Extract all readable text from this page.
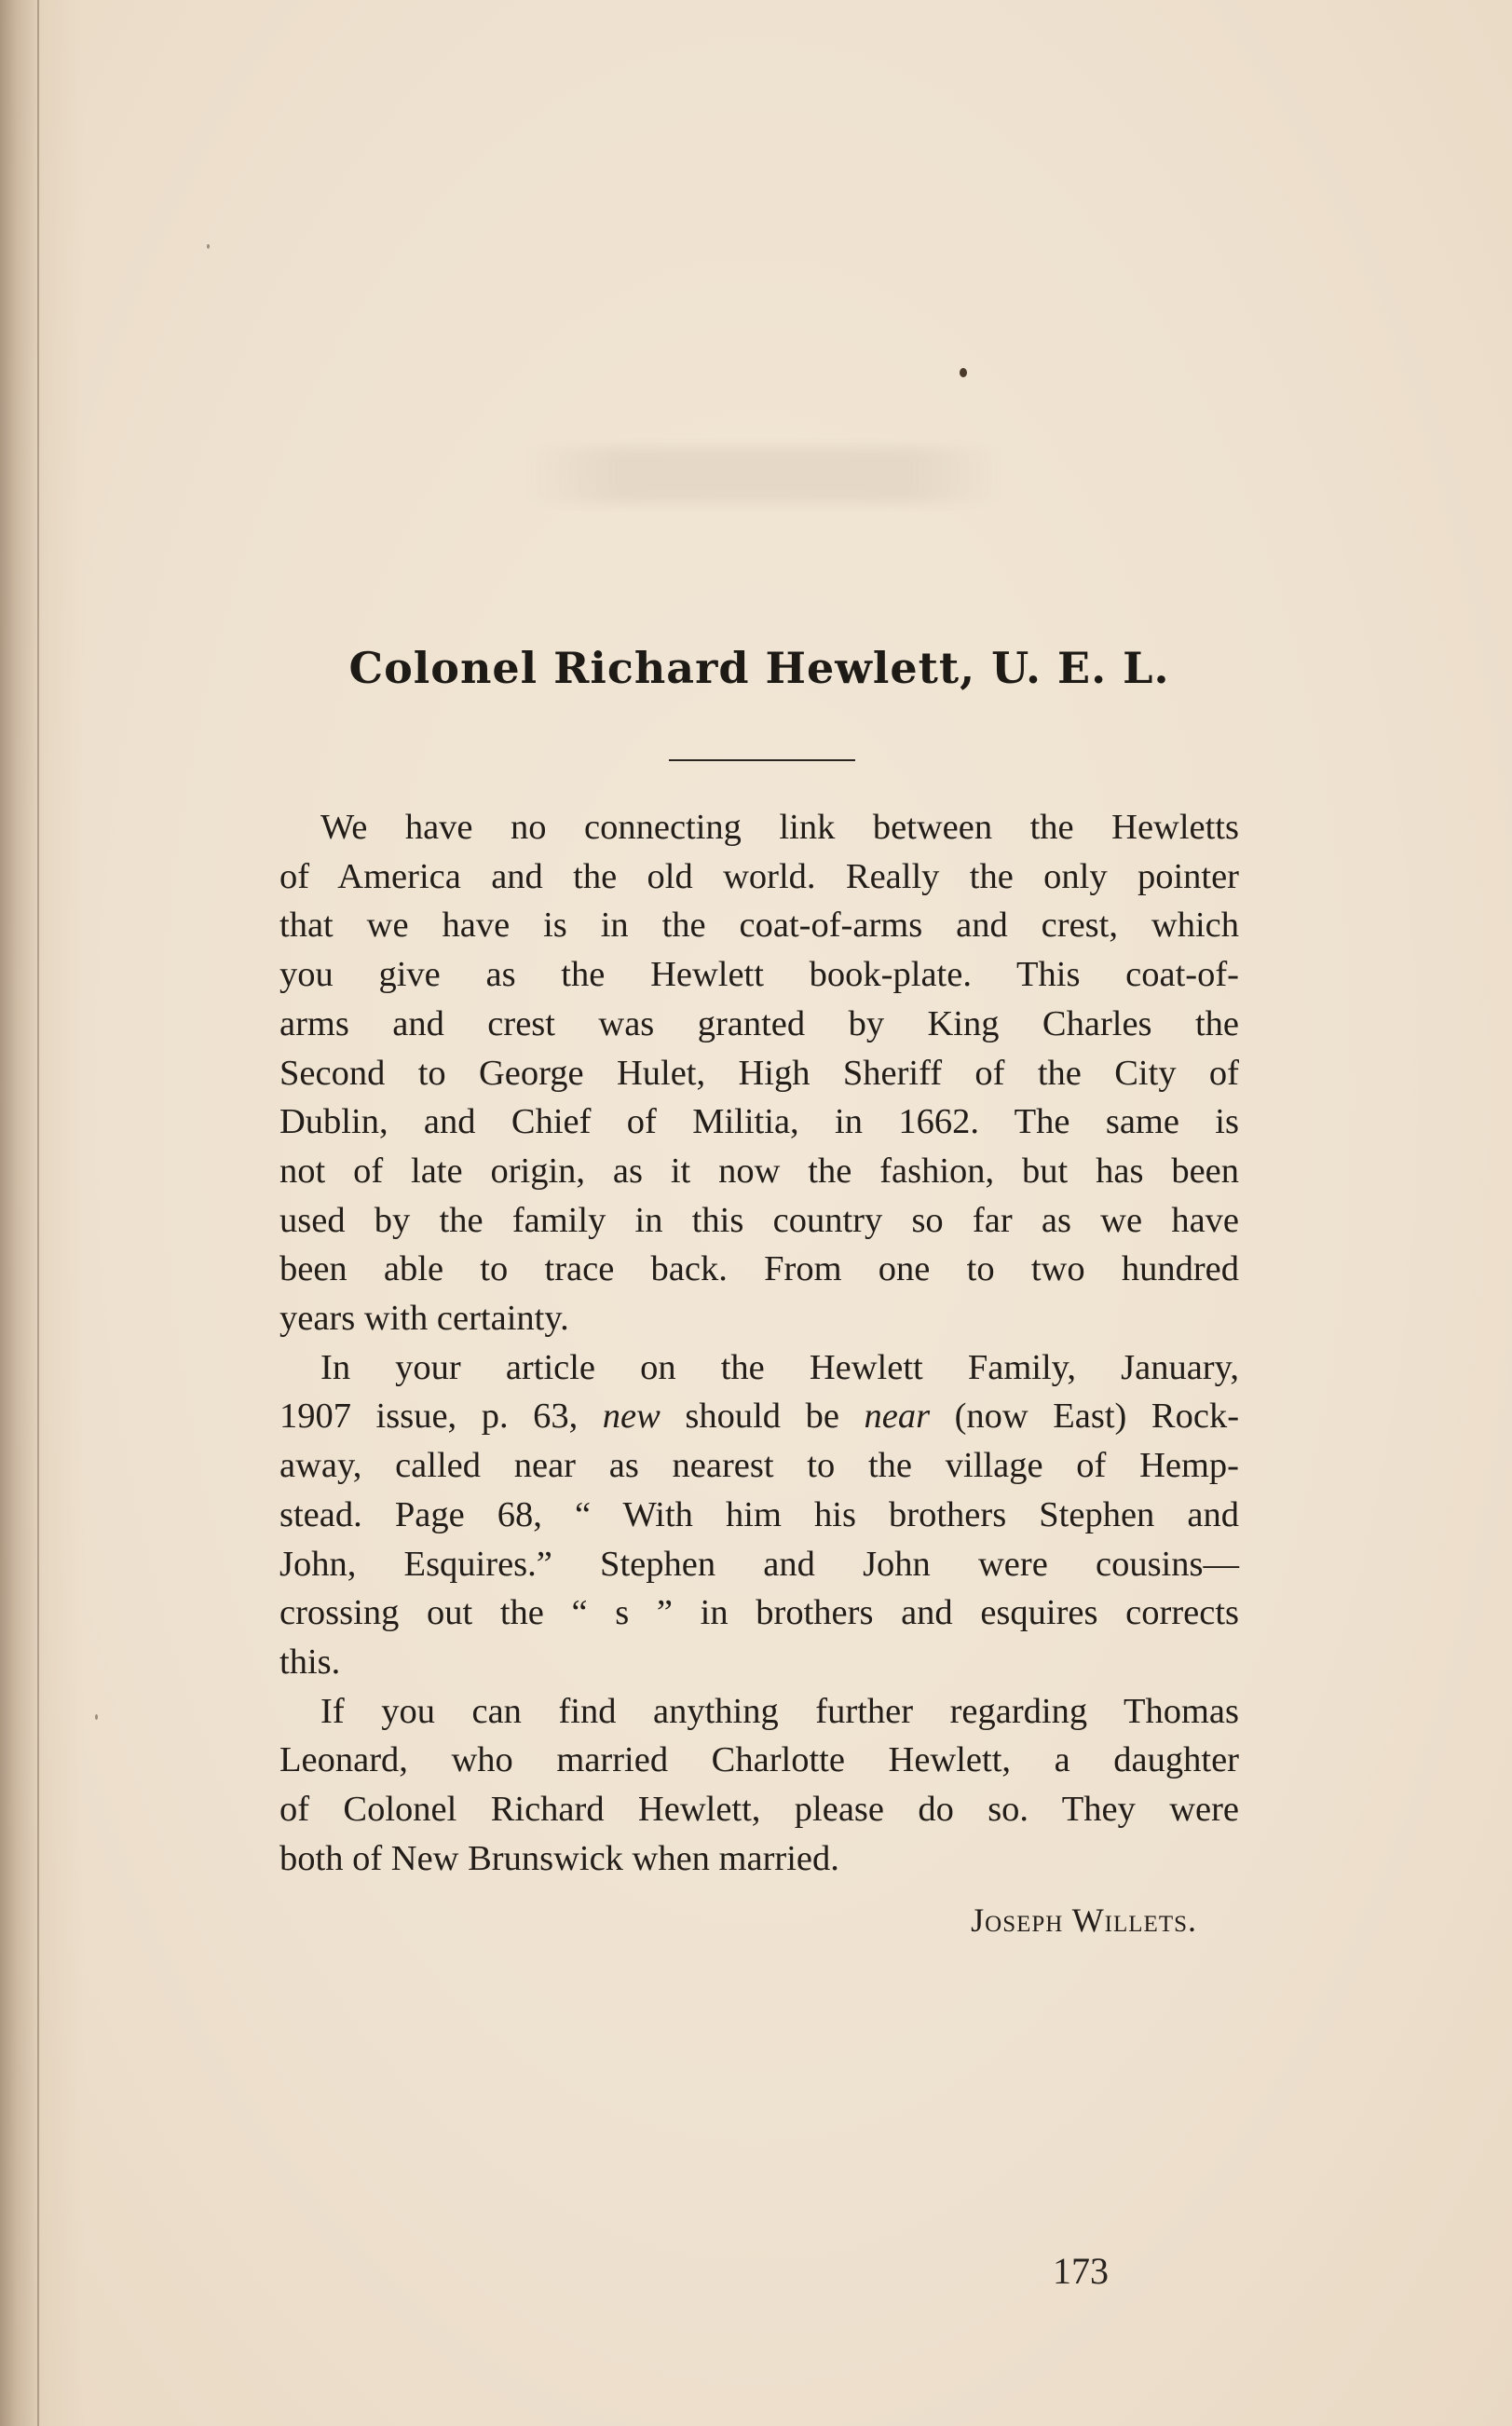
Colonel Richard Hewlett, U. E. L.
We have no connecting link between the Hewletts
of America and the old world. Really the only pointer
that we have is in the coat-of-arms and crest, which
you give as the Hewlett book-plate. This coat-of-
arms and crest was granted by King Charles the
Second to George Hulet, High Sheriff of the City of
Dublin, and Chief of Militia, in 1662. The same is
not of late origin, as it now the fashion, but has been
used by the family in this country so far as we have
been able to trace back. From one to two hundred
years with certainty.
In your article on the Hewlett Family, January,
1907 issue, p. 63, new should be near (now East) Rock-
away, called near as nearest to the village of Hemp-
stead. Page 68, “ With him his brothers Stephen and
John, Esquires.” Stephen and John were cousins—
crossing out the “ s ” in brothers and esquires corrects
this.
If you can find anything further regarding Thomas
Leonard, who married Charlotte Hewlett, a daughter
of Colonel Richard Hewlett, please do so. They were
both of New Brunswick when married.
Joseph Willets.
173
